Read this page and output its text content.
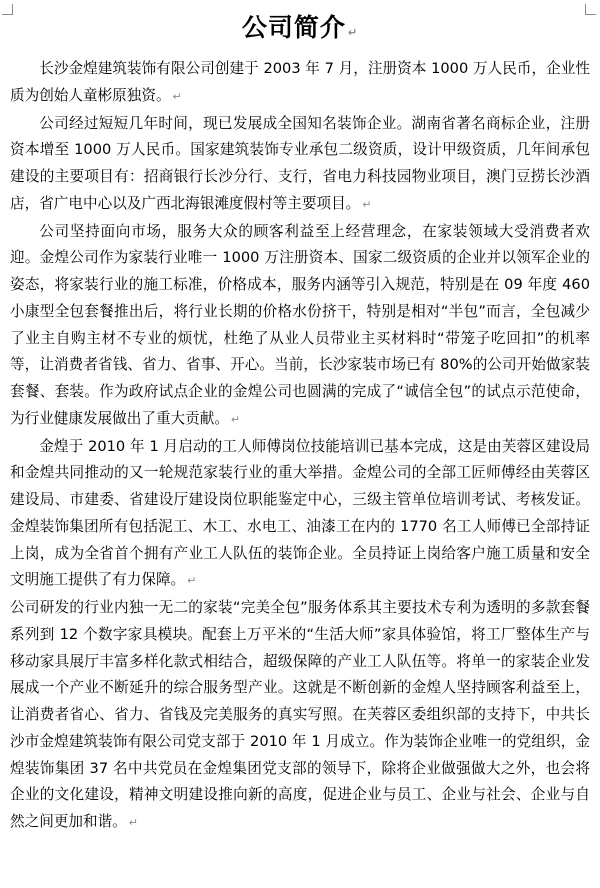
公司简介 ↵

长沙金煌建筑装饰有限公司创建于 2003 年 7 月，注册资本 1000 万人民币，企业性质为创始人童彬原独资。 ↵

公司经过短短几年时间，现已发展成全国知名装饰企业。湖南省著名商标企业，注册资本增至 1000 万人民币。国家建筑装饰专业承包二级资质，设计甲级资质，几年间承包建设的主要项目有：招商银行长沙分行、支行，省电力科技园物业项目，澳门豆捞长沙酒店，省广电中心以及广西北海银滩度假村等主要项目。 ↵

公司坚持面向市场，服务大众的顾客利益至上经营理念，在家装领域大受消费者欢迎。金煌公司作为家装行业唯一 1000 万注册资本、国家二级资质的企业并以领军企业的姿态，将家装行业的施工标准，价格成本，服务内涵等引入规范，特别是在 09 年度 460 小康型全包套餐推出后，将行业长期的价格水份挤干，特别是相对“半包”而言，全包减少了业主自购主材不专业的烦忧，杜绝了从业人员带业主买材料时“带笼子吃回扣”的机率等，让消费者省钱、省力、省事、开心。当前，长沙家装市场已有 80%的公司开始做家装套餐、套装。作为政府试点企业的金煌公司也圆满的完成了“诚信全包”的试点示范使命，为行业健康发展做出了重大贡献。 ↵

金煌于 2010 年 1 月启动的工人师傅岗位技能培训已基本完成，这是由芙蓉区建设局和金煌共同推动的又一轮规范家装行业的重大举措。金煌公司的全部工匠师傅经由芙蓉区建设局、市建委、省建设厅建设岗位职能鉴定中心，三级主管单位培训考试、考核发证。金煌装饰集团所有包括泥工、木工、水电工、油漆工在内的 1770 名工人师傅已全部持证上岗，成为全省首个拥有产业工人队伍的装饰企业。全员持证上岗给客户施工质量和安全文明施工提供了有力保障。 ↵

公司研发的行业内独一无二的家装“完美全包”服务体系其主要技术专利为透明的多款套餐系列到 12 个数字家具模块。配套上万平米的“生活大师”家具体验馆，将工厂整体生产与移动家具展厅丰富多样化款式相结合，超级保障的产业工人队伍等。将单一的家装企业发展成一个产业不断延升的综合服务型产业。这就是不断创新的金煌人坚持顾客利益至上，让消费者省心、省力、省钱及完美服务的真实写照。在芙蓉区委组织部的支持下，中共长沙市金煌建筑装饰有限公司党支部于 2010 年 1 月成立。作为装饰企业唯一的党组织，金煌装饰集团 37 名中共党员在金煌集团党支部的领导下，除将企业做强做大之外，也会将企业的文化建设，精神文明建设推向新的高度，促进企业与员工、企业与社会、企业与自然之间更加和谐。 ↵
